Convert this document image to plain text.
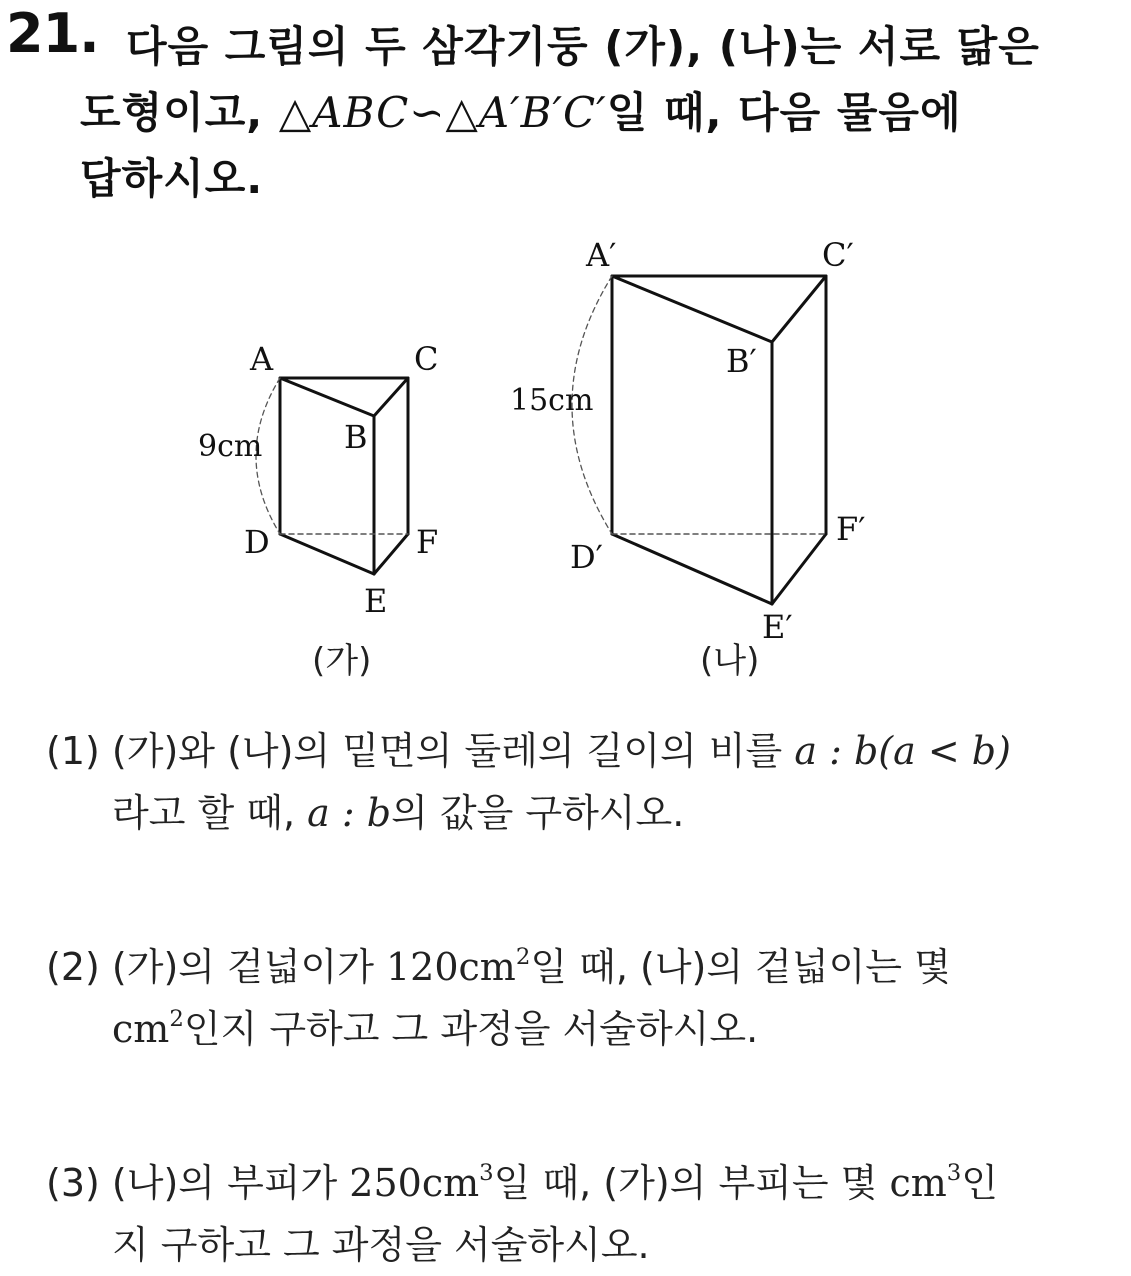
21. 다음 그림의 두 삼각기둥 (가), (나)는 서로 닮은
도형이고, △ABC∽△A′B′C′일 때, 다음 물음에
답하시오.
A	C
B
D	F
E
9cm
A′	C′
B′
D′
F′
E′
15cm
(가)	(나)
(1) (가)와 (나)의 밑면의 둘레의 길이의 비를 a : b(a < b)
라고 할 때, a : b의 값을 구하시오.
(2) (가)의 겉넓이가 $120cm^2$일 때, (나)의 겉넓이는 몇
$cm^2$인지 구하고 그 과정을 서술하시오.
(3) (나)의 부피가 $250cm^3$일 때, (가)의 부피는 몇 $cm^3$인
지 구하고 그 과정을 서술하시오.
